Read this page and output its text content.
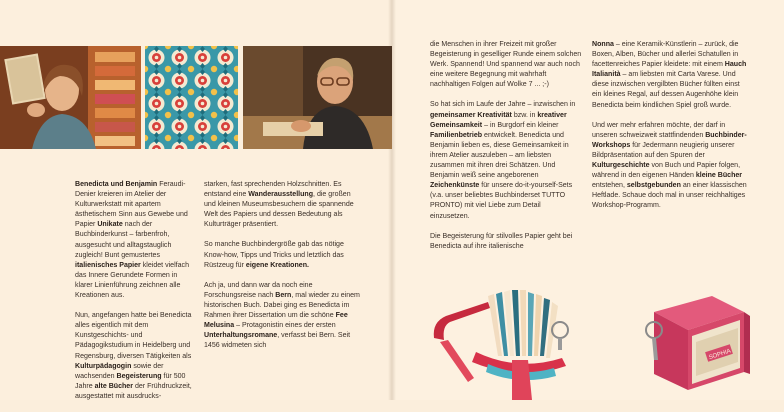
Benedicta und Benjamin Feraudi-Denier kreieren im Atelier der Kulturwerkstatt mit apartem ästhetischem Sinn aus Gewebe und Papier Unikate nach der Buchbinderkunst – farbenfroh, ausgesucht und alltagstauglich zugleich! Bunt gemustertes italienisches Papier kleidet vielfach das Innere Gerundete Formen in klarer Linienführung zeichnen alle Kreationen aus.

Nun, angefangen hatte bei Benedicta alles eigentlich mit dem Kunstgeschichts- und Pädagogikstudium in Heidelberg und Regensburg, diversen Tätigkeiten als Kulturpädagogin sowie der wachsenden Begeisterung für 500 Jahre alte Bücher der Frühdruckzeit, ausgestattet mit ausdrucks-

starken, fast sprechenden Holzschnitten. Es entstand eine Wanderausstellung, die großen und kleinen Museumsbesuchern die spannende Welt des Papiers und dessen Bedeutung als Kulturträger präsentiert.

So manche Buchbindergröße gab das nötige Know-how, Tipps und Tricks und letztlich das Rüstzeug für eigene Kreationen.

Ach ja, und dann war da noch eine Forschungsreise nach Bern, mal wieder zu einem historischen Buch. Dabei ging es Benedicta im Rahmen ihrer Dissertation um die schöne Fee Melusina – Protagonistin eines der ersten Unterhaltungsromane, verfasst bei Bern. Seit 1456 widmeten sich

die Menschen in ihrer Freizeit mit großer Begeisterung in geselliger Runde einem solchen Werk. Spannend! Und spannend war auch noch eine weitere Begegnung mit wahrhaft nachhaltigen Folgen auf Wolke 7 ... ;-)

So hat sich im Laufe der Jahre – inzwischen in gemeinsamer Kreativität bzw. in kreativer Gemeinsamkeit – in Burgdorf ein kleiner Familienbetrieb entwickelt. Benedicta und Benjamin lieben es, diese Gemeinsamkeit in ihrem Atelier auszuleben – am liebsten zusammen mit ihren drei Schätzen. Und Benjamin weiß seine angeborenen Zeichenkünste für unsere do-it-yourself-Sets (v.a. unser beliebtes Buchbinderset TUTTO PRONTO) mit viel Liebe zum Detail einzusetzen.

Die Begeisterung für stilvolles Papier geht bei Benedicta auf ihre italienische

Nonna – eine Keramik-Künstlerin – zurück, die Boxen, Alben, Bücher und allerlei Schatullen in facettenreiches Papier kleidete: mit einem Hauch Italianità – am liebsten mit Carta Varese. Und diese inzwischen vergilbten Bücher füllten einst ein kleines Regal, auf dessen Augenhöhe klein Benedicta beim kindlichen Spiel groß wurde.

Und wer mehr erfahren möchte, der darf in unseren schweizweit stattfindenden Buchbinder-Workshops für Jedermann neugierig unserer Bildpräsentation auf den Spuren der Kulturgeschichte von Buch und Papier folgen, während in den eigenen Händen kleine Bücher entstehen, selbstgebunden an einer klassischen Heftlade. Schaue doch mal in unser reichhaltiges Workshop-Programm.

SOPHIA
